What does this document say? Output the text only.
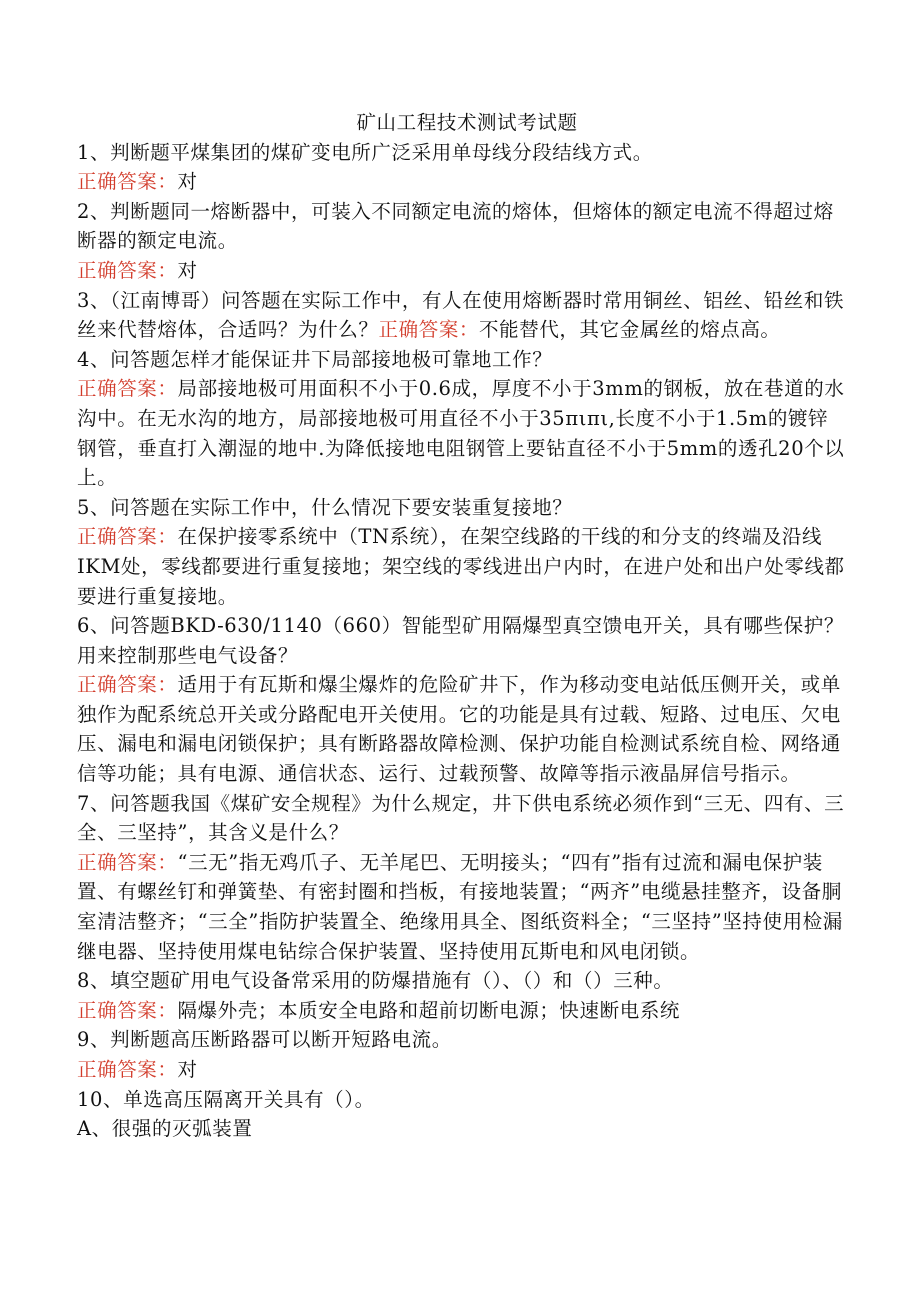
矿山工程技术测试考试题

1、判断题平煤集团的煤矿变电所广泛采用单母线分段结线方式。

正确答案：对

2、判断题同一熔断器中，可装入不同额定电流的熔体，但熔体的额定电流不得超过熔断器的额定电流。

正确答案：对

3、（江南博哥）问答题在实际工作中，有人在使用熔断器时常用铜丝、铝丝、铅丝和铁丝来代替熔体，合适吗？为什么？正确答案：不能替代，其它金属丝的熔点高。

4、问答题怎样才能保证井下局部接地极可靠地工作？

正确答案：局部接地极可用面积不小于0.6成，厚度不小于3mm的钢板，放在巷道的水沟中。在无水沟的地方，局部接地极可用直径不小于35πιπι,长度不小于1.5m的镀锌钢管，垂直打入潮湿的地中.为降低接地电阻钢管上要钻直径不小于5mm的透孔20个以上。

5、问答题在实际工作中，什么情况下要安装重复接地？

正确答案：在保护接零系统中（TN系统），在架空线路的干线的和分支的终端及沿线IKM处，零线都要进行重复接地；架空线的零线进出户内时，在进户处和出户处零线都要进行重复接地。

6、问答题BKD-630/1140（660）智能型矿用隔爆型真空馈电开关，具有哪些保护？用来控制那些电气设备？

正确答案：适用于有瓦斯和爆尘爆炸的危险矿井下，作为移动变电站低压侧开关，或单独作为配系统总开关或分路配电开关使用。它的功能是具有过载、短路、过电压、欠电压、漏电和漏电闭锁保护；具有断路器故障检测、保护功能自检测试系统自检、网络通信等功能；具有电源、通信状态、运行、过载预警、故障等指示液晶屏信号指示。

7、问答题我国《煤矿安全规程》为什么规定，井下供电系统必须作到“三无、四有、三全、三坚持”，其含义是什么？

正确答案：“三无”指无鸡爪子、无羊尾巴、无明接头；“四有”指有过流和漏电保护装置、有螺丝钉和弹簧垫、有密封圈和挡板，有接地装置；“两齐”电缆悬挂整齐，设备胴室清洁整齐；“三全”指防护装置全、绝缘用具全、图纸资料全；“三坚持”坚持使用检漏继电器、坚持使用煤电钻综合保护装置、坚持使用瓦斯电和风电闭锁。

8、填空题矿用电气设备常采用的防爆措施有（）、（）和（）三种。

正确答案：隔爆外壳；本质安全电路和超前切断电源；快速断电系统

9、判断题高压断路器可以断开短路电流。

正确答案：对

10、单选高压隔离开关具有（）。

A、很强的灭弧装置
